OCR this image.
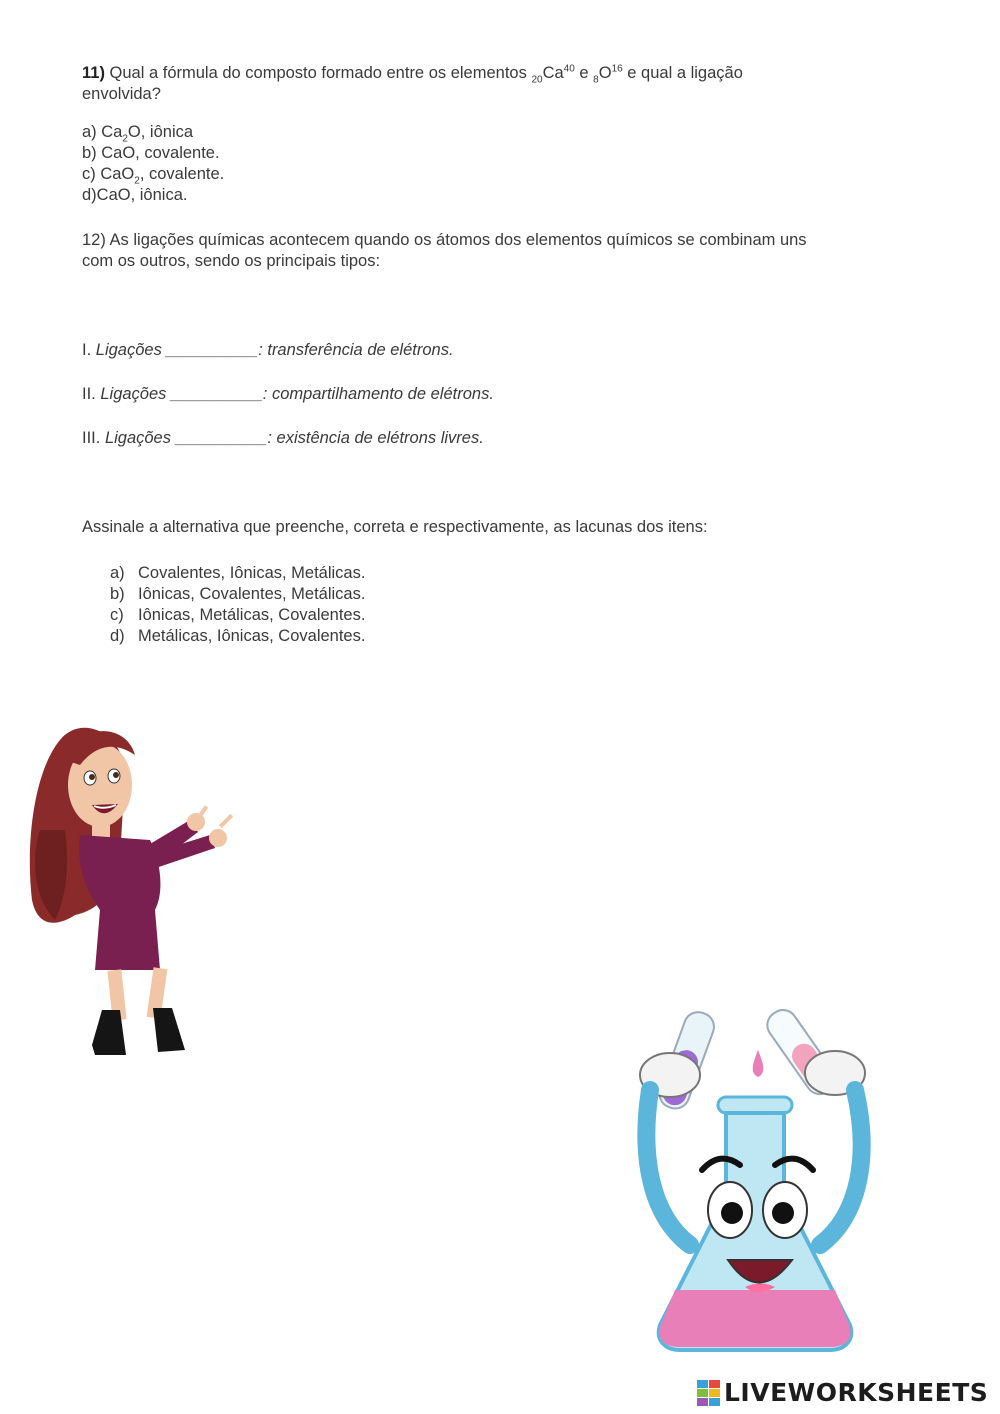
11) Qual a fórmula do composto formado entre os elementos $_{20}Ca^{40}$ e $_8O^{16}$ e qual a ligação
envolvida?
a) $Ca_2O$, iônica
b) CaO, covalente.
c) CaO$_2$, covalente.
d)CaO, iônica.
12) As ligações químicas acontecem quando os átomos dos elementos químicos se combinam uns
com os outros, sendo os principais tipos:
I. Ligações __________: transferência de elétrons.
II. Ligações __________: compartilhamento de elétrons.
III. Ligações __________: existência de elétrons livres.
Assinale a alternativa que preenche, correta e respectivamente, as lacunas dos itens:
a) Covalentes, Iônicas, Metálicas.
b) Iônicas, Covalentes, Metálicas.
c) Iônicas, Metálicas, Covalentes.
d) Metálicas, Iônicas, Covalentes.
LIVEWORKSHEETS
